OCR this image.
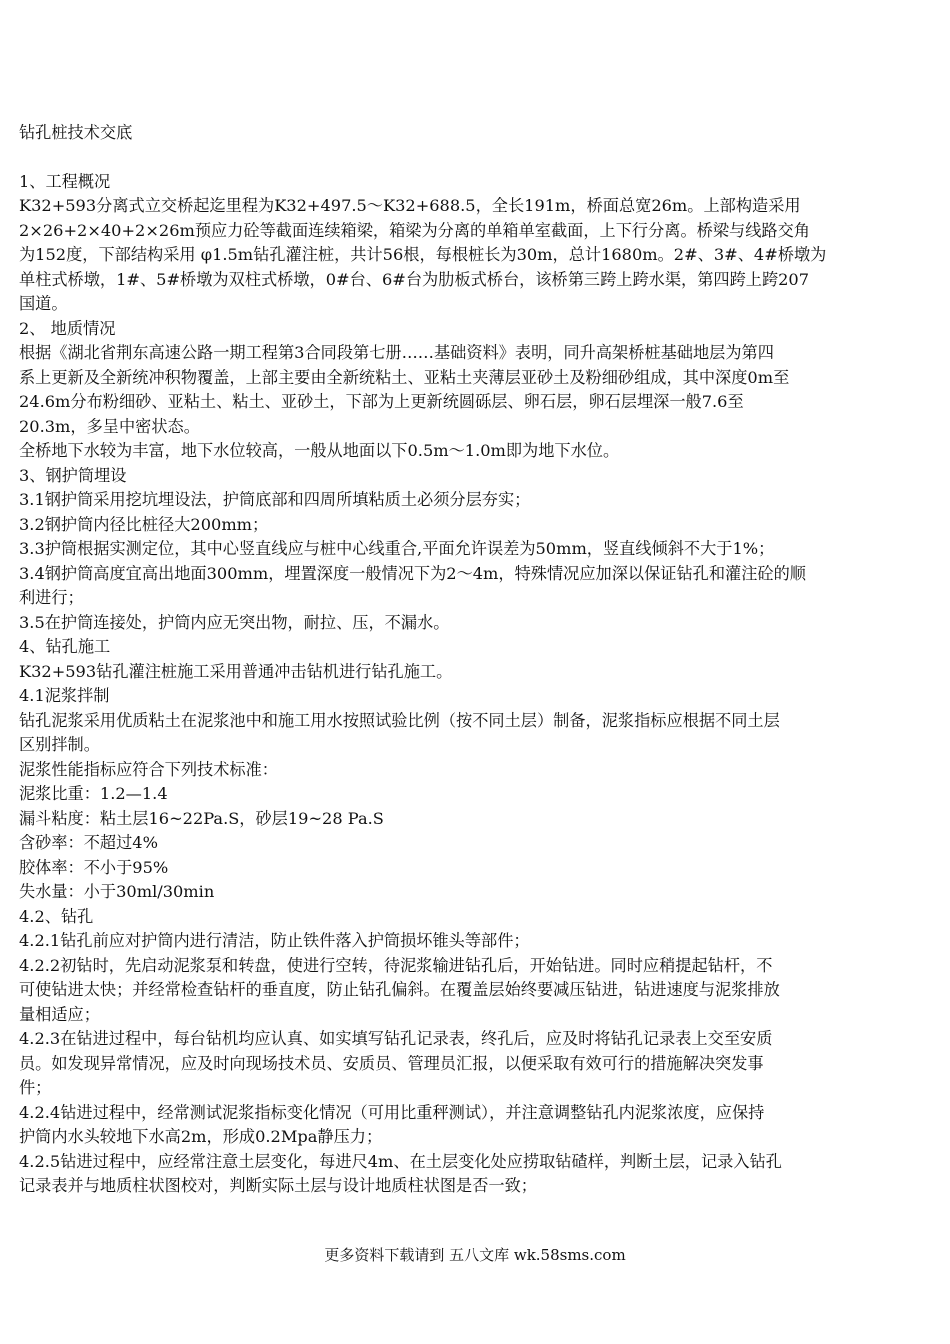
钻孔桩技术交底
1、工程概况
K32+593分离式立交桥起迄里程为K32+497.5～K32+688.5，全长191m，桥面总宽26m。上部构造采用
2×26+2×40+2×26m预应力砼等截面连续箱梁，箱梁为分离的单箱单室截面，上下行分离。桥梁与线路交角
为152度，下部结构采用 φ1.5m钻孔灌注桩，共计56根，每根桩长为30m，总计1680m。2#、3#、4#桥墩为
单柱式桥墩，1#、5#桥墩为双柱式桥墩，0#台、6#台为肋板式桥台，该桥第三跨上跨水渠，第四跨上跨207
国道。
2、 地质情况
根据《湖北省荆东高速公路一期工程第3合同段第七册……基础资料》表明，同升高架桥桩基础地层为第四
系上更新及全新统冲积物覆盖，上部主要由全新统粘土、亚粘土夹薄层亚砂土及粉细砂组成，其中深度0m至
24.6m分布粉细砂、亚粘土、粘土、亚砂土，下部为上更新统圆砾层、卵石层，卵石层埋深一般7.6至
20.3m，多呈中密状态。
全桥地下水较为丰富，地下水位较高，一般从地面以下0.5m～1.0m即为地下水位。
3、钢护筒埋设
3.1钢护筒采用挖坑埋设法，护筒底部和四周所填粘质土必须分层夯实；
3.2钢护筒内径比桩径大200mm；
3.3护筒根据实测定位，其中心竖直线应与桩中心线重合,平面允许误差为50mm，竖直线倾斜不大于1%；
3.4钢护筒高度宜高出地面300mm，埋置深度一般情况下为2～4m，特殊情况应加深以保证钻孔和灌注砼的顺
利进行；
3.5在护筒连接处，护筒内应无突出物，耐拉、压，不漏水。
4、钻孔施工
K32+593钻孔灌注桩施工采用普通冲击钻机进行钻孔施工。
4.1泥浆拌制
钻孔泥浆采用优质粘土在泥浆池中和施工用水按照试验比例（按不同土层）制备，泥浆指标应根据不同土层
区别拌制。
泥浆性能指标应符合下列技术标准：
泥浆比重：1.2—1.4
漏斗粘度：粘土层16~22Pa.S，砂层19~28 Pa.S
含砂率：不超过4%
胶体率：不小于95%
失水量：小于30ml/30min
4.2、钻孔
4.2.1钻孔前应对护筒内进行清洁，防止铁件落入护筒损坏锥头等部件；
4.2.2初钻时，先启动泥浆泵和转盘，使进行空转，待泥浆输进钻孔后，开始钻进。同时应稍提起钻杆，不
可使钻进太快；并经常检查钻杆的垂直度，防止钻孔偏斜。在覆盖层始终要减压钻进，钻进速度与泥浆排放
量相适应；
4.2.3在钻进过程中，每台钻机均应认真、如实填写钻孔记录表，终孔后，应及时将钻孔记录表上交至安质
员。如发现异常情况，应及时向现场技术员、安质员、管理员汇报，以便采取有效可行的措施解决突发事
件；
4.2.4钻进过程中，经常测试泥浆指标变化情况（可用比重秤测试），并注意调整钻孔内泥浆浓度，应保持
护筒内水头较地下水高2m，形成0.2Mpa静压力；
4.2.5钻进过程中，应经常注意土层变化，每进尺4m、在土层变化处应捞取钻碴样，判断土层，记录入钻孔
记录表并与地质柱状图校对，判断实际土层与设计地质柱状图是否一致；
更多资料下载请到 五八文库 wk.58sms.com
